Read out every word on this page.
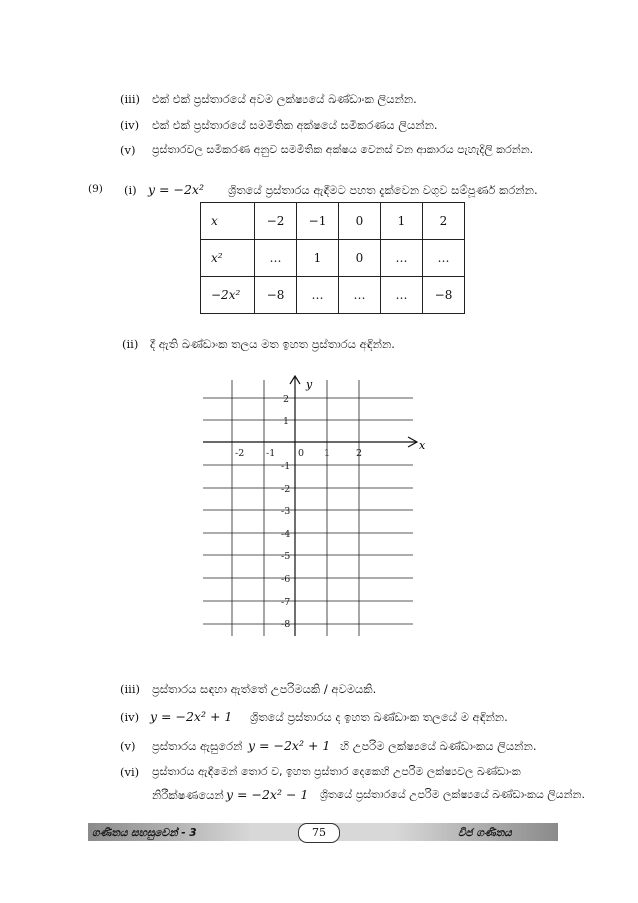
(iii) එක් එක් ප්‍රස්තාරයේ අවම ලක්ෂ්‍යයේ ඛණ්ඩාංක ලියන්න.
(iv) එක් එක් ප්‍රස්තාරයේ සමමිතික අක්ෂයේ සමීකරණය ලියන්න.
(v) ප්‍රස්තාරවල සමීකරණ අනුව සමමිතික අක්ෂය වෙනස් වන ආකාරය පැහැදිලි කරන්න.
(9) (i) y = −2x² ශ්‍රිතයේ ප්‍රස්තාරය ඇඳීමට පහත දැක්වෙන වගුව සම්පූර්ණ කරන්න.
x	−2	−1	0	1	2
x²	…	1	0	…	…
−2x²	−8	…	…	…	−8
(ii) දී ඇති ඛණ්ඩාංක තලය මත ඉහත ප්‍රස්තාරය අඳින්න.
y
x
-2 -1 0 1	2
2
1
-1
-2
-3
-4
-5
-6
-7
-8
(iii) ප්‍රස්තාරය සඳහා ඇත්තේ උපරිමයකි / අවමයකි.
(iv) y = −2x² + 1 ශ්‍රිතයේ ප්‍රස්තාරය ද ඉහත ඛණ්ඩාංක තලයේ ම අඳින්න.
(v) ප්‍රස්තාරය ඇසුරෙන් y = −2x² + 1 හි උපරිම ලක්ෂ්‍යයේ ඛණ්ඩාංකය ලියන්න.
(vi) ප්‍රස්තාරය ඇඳීමෙන් තොර ව, ඉහත ප්‍රස්තාර දෙකෙහි උපරිම ලක්ෂ්‍යවල ඛණ්ඩාංක
නිරීක්ෂණයෙන් y = −2x² − 1 ශ්‍රිතයේ ප්‍රස්තාරයේ උපරිම ලක්ෂ්‍යයේ ඛණ්ඩාංකය ලියන්න.
ගණිතය සහසුවෙන් - 3	75	විජ ගණිතය
